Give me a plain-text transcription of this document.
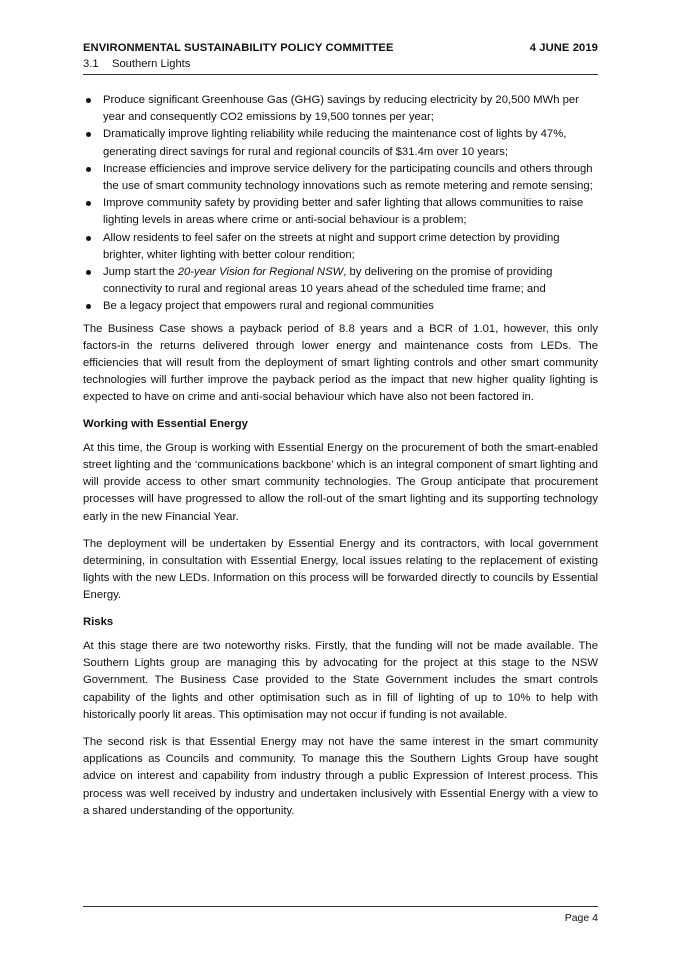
ENVIRONMENTAL SUSTAINABILITY POLICY COMMITTEE	4 JUNE 2019
3.1 Southern Lights
Produce significant Greenhouse Gas (GHG) savings by reducing electricity by 20,500 MWh per year and consequently CO2 emissions by 19,500 tonnes per year;
Dramatically improve lighting reliability while reducing the maintenance cost of lights by 47%, generating direct savings for rural and regional councils of $31.4m over 10 years;
Increase efficiencies and improve service delivery for the participating councils and others through the use of smart community technology innovations such as remote metering and remote sensing;
Improve community safety by providing better and safer lighting that allows communities to raise lighting levels in areas where crime or anti-social behaviour is a problem;
Allow residents to feel safer on the streets at night and support crime detection by providing brighter, whiter lighting with better colour rendition;
Jump start the 20-year Vision for Regional NSW, by delivering on the promise of providing connectivity to rural and regional areas 10 years ahead of the scheduled time frame; and
Be a legacy project that empowers rural and regional communities

The Business Case shows a payback period of 8.8 years and a BCR of 1.01, however, this only factors-in the returns delivered through lower energy and maintenance costs from LEDs. The efficiencies that will result from the deployment of smart lighting controls and other smart community technologies will further improve the payback period as the impact that new higher quality lighting is expected to have on crime and anti-social behaviour which have also not been factored in.

Working with Essential Energy

At this time, the Group is working with Essential Energy on the procurement of both the smart-enabled street lighting and the ‘communications backbone’ which is an integral component of smart lighting and will provide access to other smart community technologies. The Group anticipate that procurement processes will have progressed to allow the roll-out of the smart lighting and its supporting technology early in the new Financial Year.

The deployment will be undertaken by Essential Energy and its contractors, with local government determining, in consultation with Essential Energy, local issues relating to the replacement of existing lights with the new LEDs. Information on this process will be forwarded directly to councils by Essential Energy.

Risks

At this stage there are two noteworthy risks. Firstly, that the funding will not be made available. The Southern Lights group are managing this by advocating for the project at this stage to the NSW Government. The Business Case provided to the State Government includes the smart controls capability of the lights and other optimisation such as in fill of lighting of up to 10% to help with historically poorly lit areas. This optimisation may not occur if funding is not available.

The second risk is that Essential Energy may not have the same interest in the smart community applications as Councils and community. To manage this the Southern Lights Group have sought advice on interest and capability from industry through a public Expression of Interest process. This process was well received by industry and undertaken inclusively with Essential Energy with a view to a shared understanding of the opportunity.

Page 4
